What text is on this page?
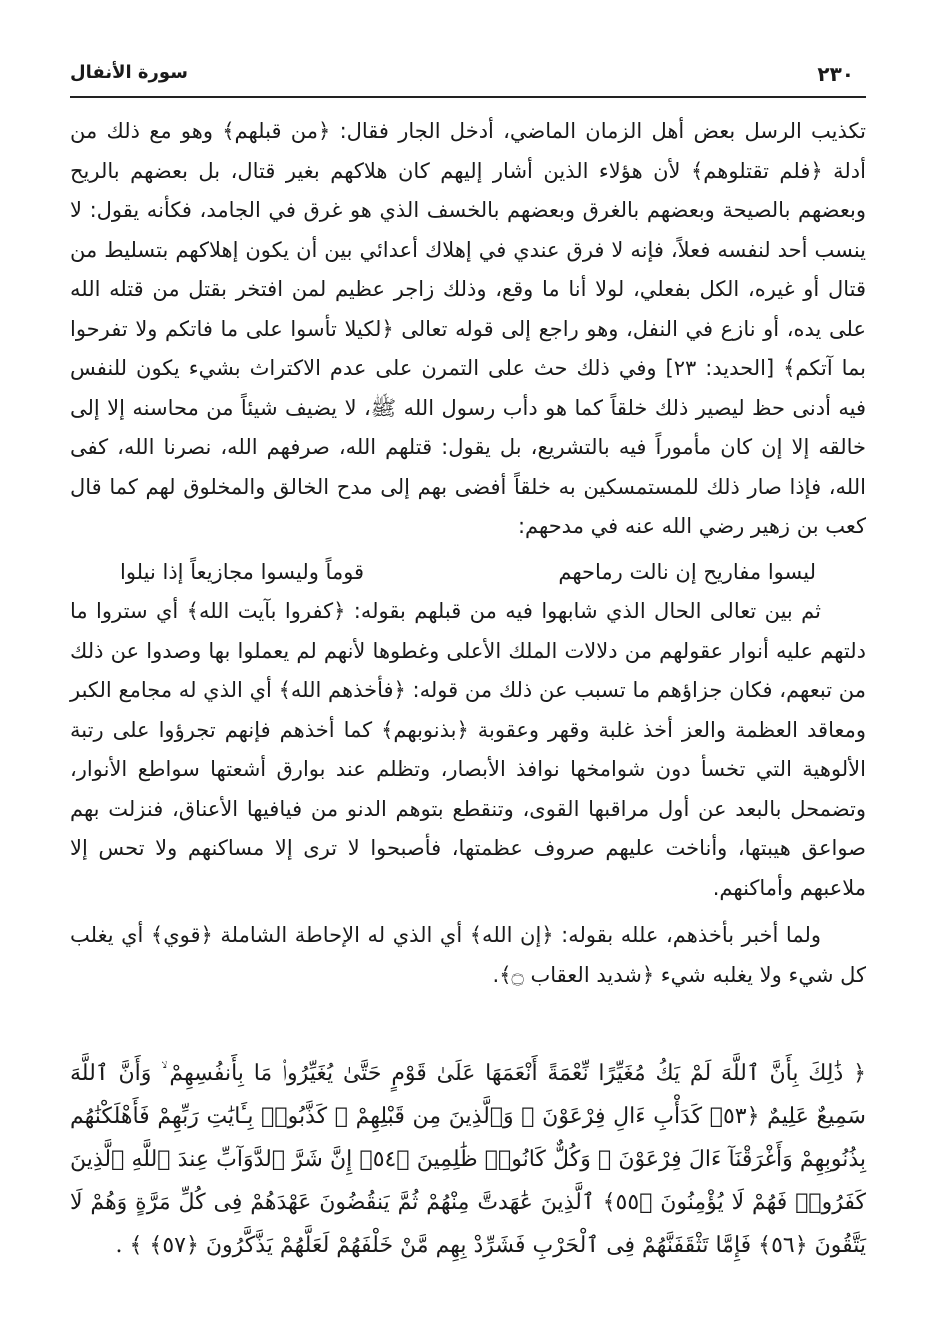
٢٣٠
سورة الأنفال

تكذيب الرسل بعض أهل الزمان الماضي، أدخل الجار فقال: ﴿من قبلهم﴾ وهو مع ذلك من أدلة ﴿فلم تقتلوهم﴾ لأن هؤلاء الذين أشار إليهم كان هلاكهم بغير قتال، بل بعضهم بالريح وبعضهم بالصيحة وبعضهم بالغرق وبعضهم بالخسف الذي هو غرق في الجامد، فكأنه يقول: لا ينسب أحد لنفسه فعلاً، فإنه لا فرق عندي في إهلاك أعدائي بين أن يكون إهلاكهم بتسليط من قتال أو غيره، الكل بفعلي، لولا أنا ما وقع، وذلك زاجر عظيم لمن افتخر بقتل من قتله الله على يده، أو نازع في النفل، وهو راجع إلى قوله تعالى ﴿لكيلا تأسوا على ما فاتكم ولا تفرحوا بما آتكم﴾ [الحديد: ٢٣] وفي ذلك حث على التمرن على عدم الاكتراث بشيء يكون للنفس فيه أدنى حظ ليصير ذلك خلقاً كما هو دأب رسول الله ﷺ، لا يضيف شيئاً من محاسنه إلا إلى خالقه إلا إن كان مأموراً فيه بالتشريع، بل يقول: قتلهم الله، صرفهم الله، نصرنا الله، كفى الله، فإذا صار ذلك للمستمسكين به خلقاً أفضى بهم إلى مدح الخالق والمخلوق لهم كما قال كعب بن زهير رضي الله عنه في مدحهم:

ليسوا مفاريح إن نالت رماحهم
قوماً وليسوا مجازيعاً إذا نيلوا

ثم بين تعالى الحال الذي شابهوا فيه من قبلهم بقوله: ﴿كفروا بآيت الله﴾ أي ستروا ما دلتهم عليه أنوار عقولهم من دلالات الملك الأعلى وغطوها لأنهم لم يعملوا بها وصدوا عن ذلك من تبعهم، فكان جزاؤهم ما تسبب عن ذلك من قوله: ﴿فأخذهم الله﴾ أي الذي له مجامع الكبر ومعاقد العظمة والعز أخذ غلبة وقهر وعقوبة ﴿بذنوبهم﴾ كما أخذهم فإنهم تجرؤوا على رتبة الألوهية التي تخسأ دون شوامخها نوافذ الأبصار، وتظلم عند بوارق أشعتها سواطع الأنوار، وتضمحل بالبعد عن أول مراقبها القوى، وتنقطع بتوهم الدنو من فيافيها الأعناق، فنزلت بهم صواعق هيبتها، وأناخت عليهم صروف عظمتها، فأصبحوا لا ترى إلا مساكنهم ولا تحس إلا ملاعبهم وأماكنهم.

ولما أخبر بأخذهم، علله بقوله: ﴿إن الله﴾ أي الذي له الإحاطة الشاملة ﴿قوي﴾ أي يغلب كل شيء ولا يغلبه شيء ﴿شديد العقاب ۝﴾.

﴿ ذَٰلِكَ بِأَنَّ ٱللَّهَ لَمْ يَكُ مُغَيِّرًا نِّعْمَةً أَنْعَمَهَا عَلَىٰ قَوْمٍ حَتَّىٰ يُغَيِّرُوا۟ مَا بِأَنفُسِهِمْ ۙ وَأَنَّ ٱللَّهَ سَمِيعٌ عَلِيمٌ ﴿٥٣﴾ كَدَأْبِ ءَالِ فِرْعَوْنَ ۙ وَٱلَّذِينَ مِن قَبْلِهِمْ ۚ كَذَّبُوا۟ بِـَٔايَٰتِ رَبِّهِمْ فَأَهْلَكْنَٰهُم بِذُنُوبِهِمْ وَأَغْرَقْنَآ ءَالَ فِرْعَوْنَ ۚ وَكُلٌّ كَانُوا۟ ظَٰلِمِينَ ﴿٥٤﴾ إِنَّ شَرَّ ٱلدَّوَآبِّ عِندَ ٱللَّهِ ٱلَّذِينَ كَفَرُوا۟ فَهُمْ لَا يُؤْمِنُونَ ﴿٥٥﴾ ٱلَّذِينَ عَٰهَدتَّ مِنْهُمْ ثُمَّ يَنقُضُونَ عَهْدَهُمْ فِى كُلِّ مَرَّةٍ وَهُمْ لَا يَتَّقُونَ ﴿٥٦﴾ فَإِمَّا تَثْقَفَنَّهُمْ فِى ٱلْحَرْبِ فَشَرِّدْ بِهِم مَّنْ خَلْفَهُمْ لَعَلَّهُمْ يَذَّكَّرُونَ ﴿٥٧﴾ ﴾ .
